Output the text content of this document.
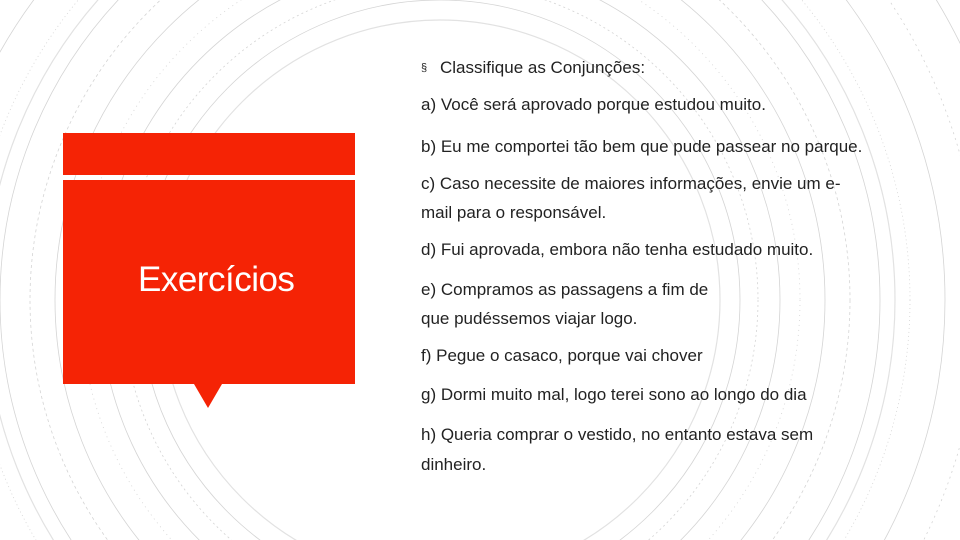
Exercícios
§ Classifique as Conjunções:
a) Você será aprovado porque estudou muito.
b) Eu me comportei tão bem que pude passear no parque.
c) Caso necessite de maiores informações, envie um e-
mail para o responsável.
d) Fui aprovada, embora não tenha estudado muito.
e) Compramos as passagens a fim de
que pudéssemos viajar logo.
f) Pegue o casaco, porque vai chover
g) Dormi muito mal, logo terei sono ao longo do dia
h) Queria comprar o vestido, no entanto estava sem
dinheiro.
